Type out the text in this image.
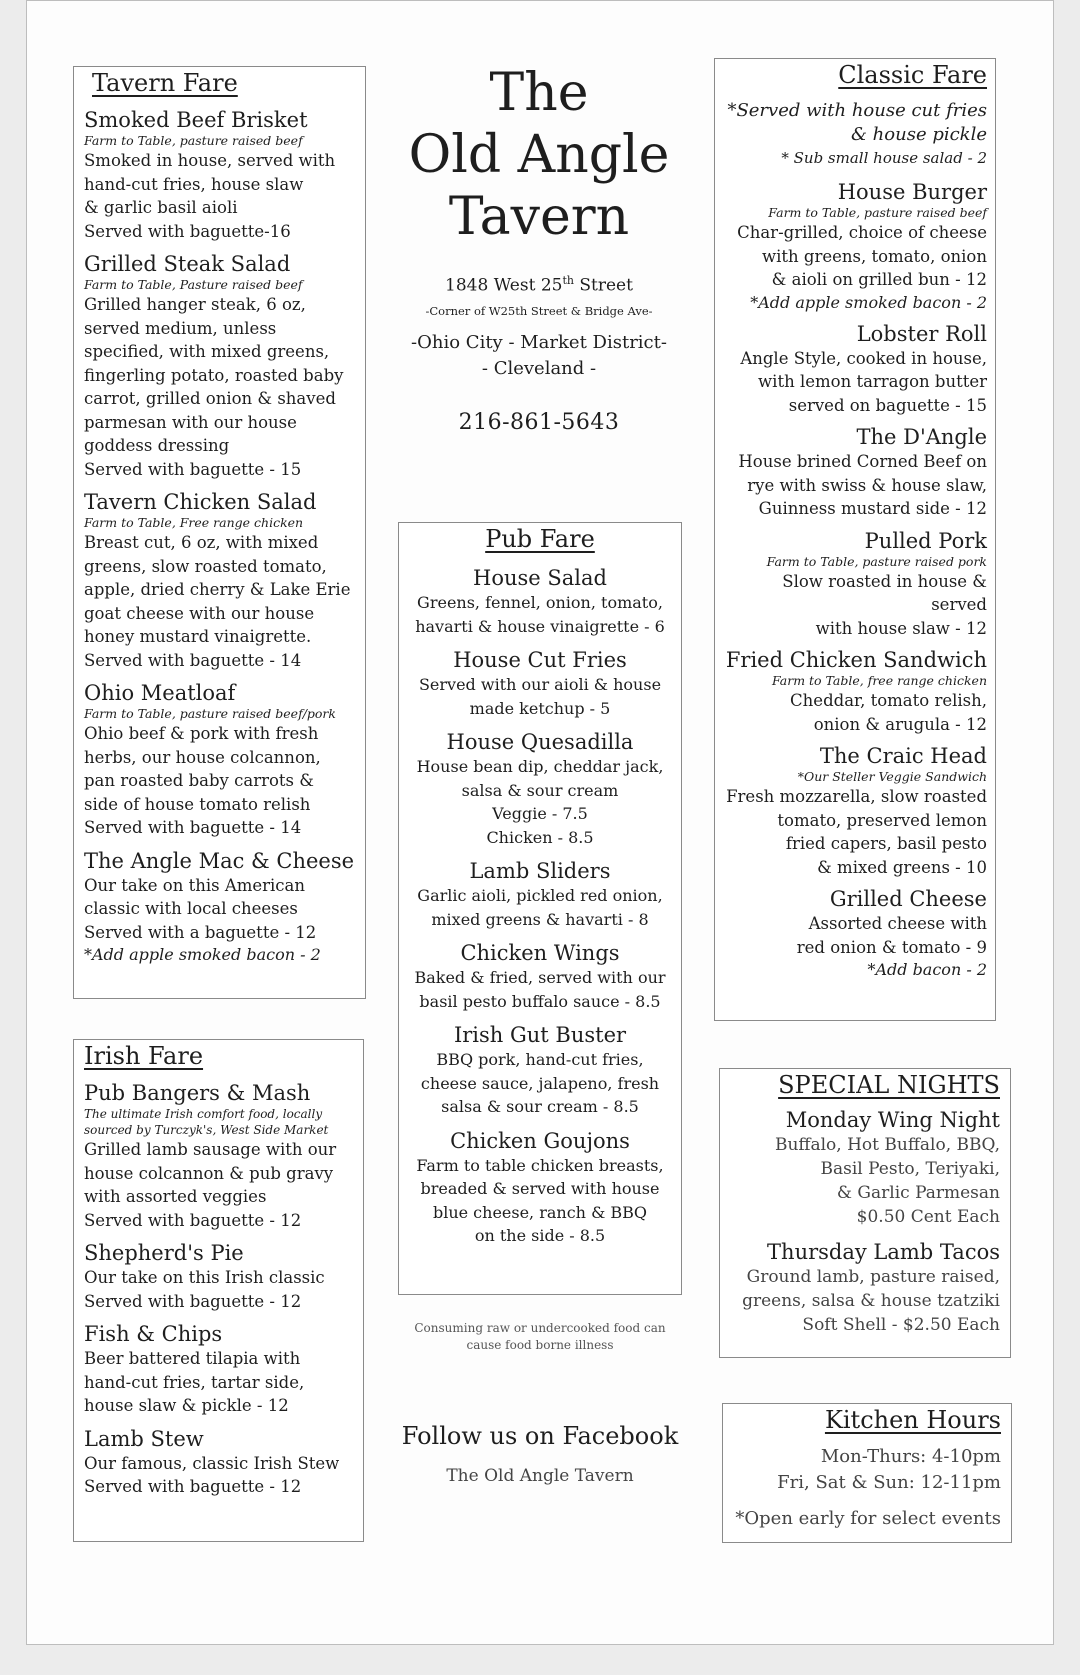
Tavern Fare

Smoked Beef Brisket

Farm to Table, pasture raised beef

Smoked in house, served with
hand-cut fries, house slaw
& garlic basil aioli
Served with baguette-16

Grilled Steak Salad

Farm to Table, Pasture raised beef

Grilled hanger steak, 6 oz,
served medium, unless
specified, with mixed greens,
fingerling potato, roasted baby
carrot, grilled onion & shaved
parmesan with our house
goddess dressing
Served with baguette - 15

Tavern Chicken Salad

Farm to Table, Free range chicken

Breast cut, 6 oz, with mixed
greens, slow roasted tomato,
apple, dried cherry & Lake Erie
goat cheese with our house
honey mustard vinaigrette.
Served with baguette - 14

Ohio Meatloaf

Farm to Table, pasture raised beef/pork

Ohio beef & pork with fresh
herbs, our house colcannon,
pan roasted baby carrots &
side of house tomato relish
Served with baguette - 14

The Angle Mac & Cheese

Our take on this American
classic with local cheeses
Served with a baguette - 12

*Add apple smoked bacon - 2

Irish Fare

Pub Bangers & Mash

The ultimate Irish comfort food, locally sourced by Turczyk's, West Side Market

Grilled lamb sausage with our
house colcannon & pub gravy
with assorted veggies
Served with baguette - 12

Shepherd's Pie

Our take on this Irish classic
Served with baguette - 12

Fish & Chips

Beer battered tilapia with
hand-cut fries, tartar side,
house slaw & pickle - 12

Lamb Stew

Our famous, classic Irish Stew
Served with baguette - 12

The

Old Angle

Tavern

1848 West 25th Street

-Corner of W25th Street & Bridge Ave-

-Ohio City - Market District-

- Cleveland -

216-861-5643

Pub Fare

House Salad

Greens, fennel, onion, tomato,
havarti & house vinaigrette - 6

House Cut Fries

Served with our aioli & house
made ketchup - 5

House Quesadilla

House bean dip, cheddar jack,
salsa & sour cream
Veggie - 7.5
Chicken - 8.5

Lamb Sliders

Garlic aioli, pickled red onion,
mixed greens & havarti - 8

Chicken Wings

Baked & fried, served with our
basil pesto buffalo sauce - 8.5

Irish Gut Buster

BBQ pork, hand-cut fries,
cheese sauce, jalapeno, fresh
salsa & sour cream - 8.5

Chicken Goujons

Farm to table chicken breasts,
breaded & served with house
blue cheese, ranch & BBQ
on the side - 8.5

Consuming raw or undercooked food can
cause food borne illness

Follow us on Facebook

The Old Angle Tavern

Classic Fare

*Served with house cut fries
& house pickle

* Sub small house salad - 2

House Burger

Farm to Table, pasture raised beef

Char-grilled, choice of cheese
with greens, tomato, onion
& aioli on grilled bun - 12

*Add apple smoked bacon - 2

Lobster Roll

Angle Style, cooked in house,
with lemon tarragon butter
served on baguette - 15

The D'Angle

House brined Corned Beef on
rye with swiss & house slaw,
Guinness mustard side - 12

Pulled Pork

Farm to Table, pasture raised pork

Slow roasted in house & served
with house slaw - 12

Fried Chicken Sandwich

Farm to Table, free range chicken

Cheddar, tomato relish,
onion & arugula - 12

The Craic Head

*Our Steller Veggie Sandwich

Fresh mozzarella, slow roasted
tomato, preserved lemon
fried capers, basil pesto
& mixed greens - 10

Grilled Cheese

Assorted cheese with
red onion & tomato - 9

*Add bacon - 2

SPECIAL NIGHTS

Monday Wing Night

Buffalo, Hot Buffalo, BBQ,
Basil Pesto, Teriyaki,
& Garlic Parmesan
$0.50 Cent Each

Thursday Lamb Tacos

Ground lamb, pasture raised,
greens, salsa & house tzatziki
Soft Shell - $2.50 Each

Kitchen Hours

Mon-Thurs: 4-10pm

Fri, Sat & Sun: 12-11pm

*Open early for select events
